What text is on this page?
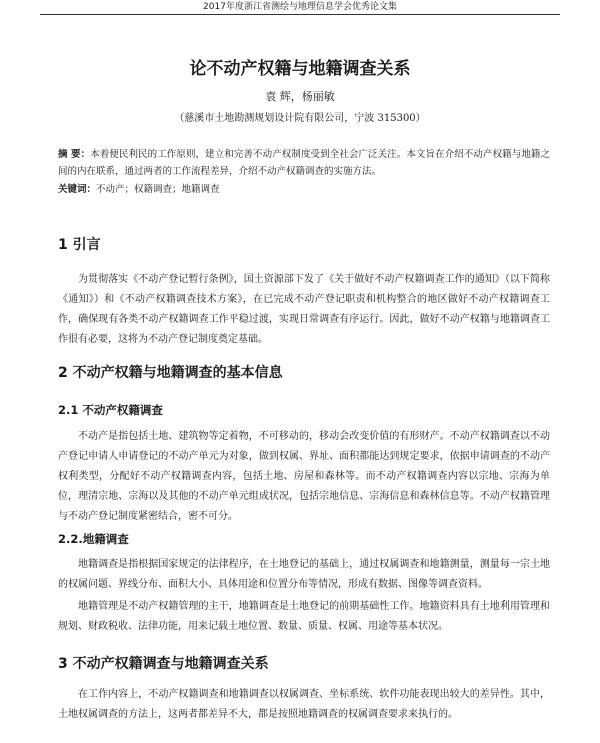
2017年度浙江省测绘与地理信息学会优秀论文集
论不动产权籍与地籍调查关系
袁 辉，杨丽敏
（慈溪市土地勘测规划设计院有限公司，宁波 315300）
摘 要：本着便民利民的工作原则，建立和完善不动产权制度受到全社会广泛关注。本文旨在介绍不动产权籍与地籍之间的内在联系，通过两者的工作流程差异，介绍不动产权籍调查的实施方法。
关键词：不动产；权籍调查；地籍调查
1 引言
为贯彻落实《不动产登记暂行条例》，国土资源部下发了《关于做好不动产权籍调查工作的通知》（以下简称《通知》）和《不动产权籍调查技术方案》，在已完成不动产登记职责和机构整合的地区做好不动产权籍调查工作，确保现有各类不动产权籍调查工作平稳过渡，实现日常调查有序运行。因此，做好不动产权籍与地籍调查工作很有必要，这将为不动产登记制度奠定基础。
2 不动产权籍与地籍调查的基本信息
2.1 不动产权籍调查
不动产是指包括土地、建筑物等定着物，不可移动的，移动会改变价值的有形财产。不动产权籍调查以不动产登记申请人申请登记的不动产单元为对象，做到权属、界址、面积都能达到规定要求，依据申请调查的不动产权利类型，分配好不动产权籍调查内容，包括土地、房屋和森林等。而不动产权籍调查内容以宗地、宗海为单位，理清宗地、宗海以及其他的不动产单元组成状况，包括宗地信息、宗海信息和森林信息等。不动产权籍管理与不动产登记制度紧密结合，密不可分。
2.2.地籍调查
地籍调查是指根据国家规定的法律程序，在土地登记的基础上，通过权属调查和地籍测量，测量每一宗土地的权属问题、界线分布、面积大小、具体用途和位置分布等情况，形成有数据、图像等调查资料。
地籍管理是不动产权籍管理的主干，地籍调查是土地登记的前期基础性工作。地籍资料具有土地利用管理和规划、财政税收、法律功能，用来记载土地位置、数量、质量、权属、用途等基本状况。
3 不动产权籍调查与地籍调查关系
在工作内容上，不动产权籍调查和地籍调查以权属调查、坐标系统、软件功能表现出较大的差异性。其中，土地权属调查的方法上，这两者都差异不大，都是按照地籍调查的权属调查要求来执行的。
